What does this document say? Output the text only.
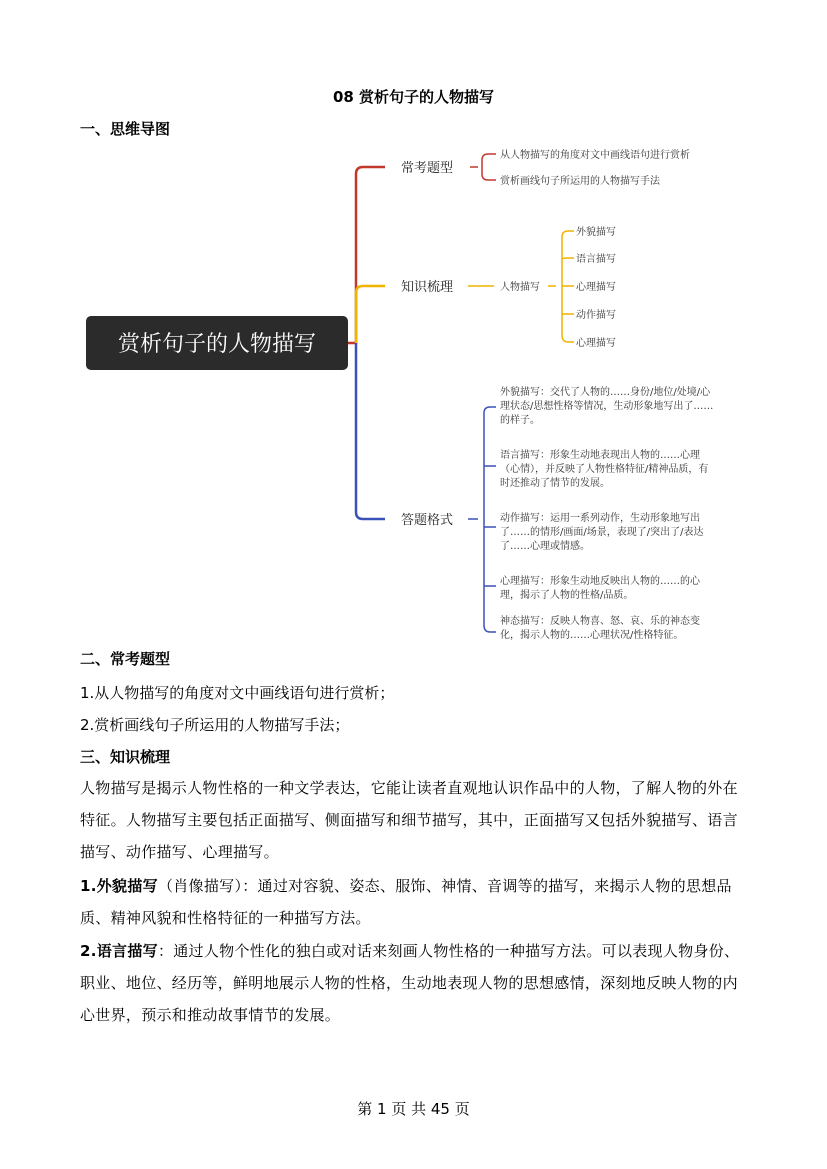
08 赏析句子的人物描写
一、思维导图
赏析句子的人物描写
常考题型
从人物描写的角度对文中画线语句进行赏析
赏析画线句子所运用的人物描写手法
知识梳理	人物描写
外貌描写
语言描写
心理描写
动作描写
心理描写
答题格式
外貌描写：交代了人物的……身份/地位/处境/心
理状态/思想性格等情况，生动形象地写出了……
的样子。
语言描写：形象生动地表现出人物的……心理
（心情），并反映了人物性格特征/精神品质，有
时还推动了情节的发展。
动作描写：运用一系列动作，生动形象地写出
了……的情形/画面/场景，表现了/突出了/表达
了……心理或情感。
心理描写：形象生动地反映出人物的……的心
理，揭示了人物的性格/品质。
神态描写：反映人物喜、怒、哀、乐的神态变
化，揭示人物的……心理状况/性格特征。
二、常考题型
1.从人物描写的角度对文中画线语句进行赏析；
2.赏析画线句子所运用的人物描写手法；
三、知识梳理
人物描写是揭示人物性格的一种文学表达，它能让读者直观地认识作品中的人物，了解人物的外在特征。人物描写主要包括正面描写、侧面描写和细节描写，其中，正面描写又包括外貌描写、语言描写、动作描写、心理描写。
1.外貌描写（肖像描写）：通过对容貌、姿态、服饰、神情、音调等的描写，来揭示人物的思想品质、精神风貌和性格特征的一种描写方法。
2.语言描写：通过人物个性化的独白或对话来刻画人物性格的一种描写方法。可以表现人物身份、职业、地位、经历等，鲜明地展示人物的性格，生动地表现人物的思想感情，深刻地反映人物的内心世界，预示和推动故事情节的发展。
第 1 页 共 45 页
